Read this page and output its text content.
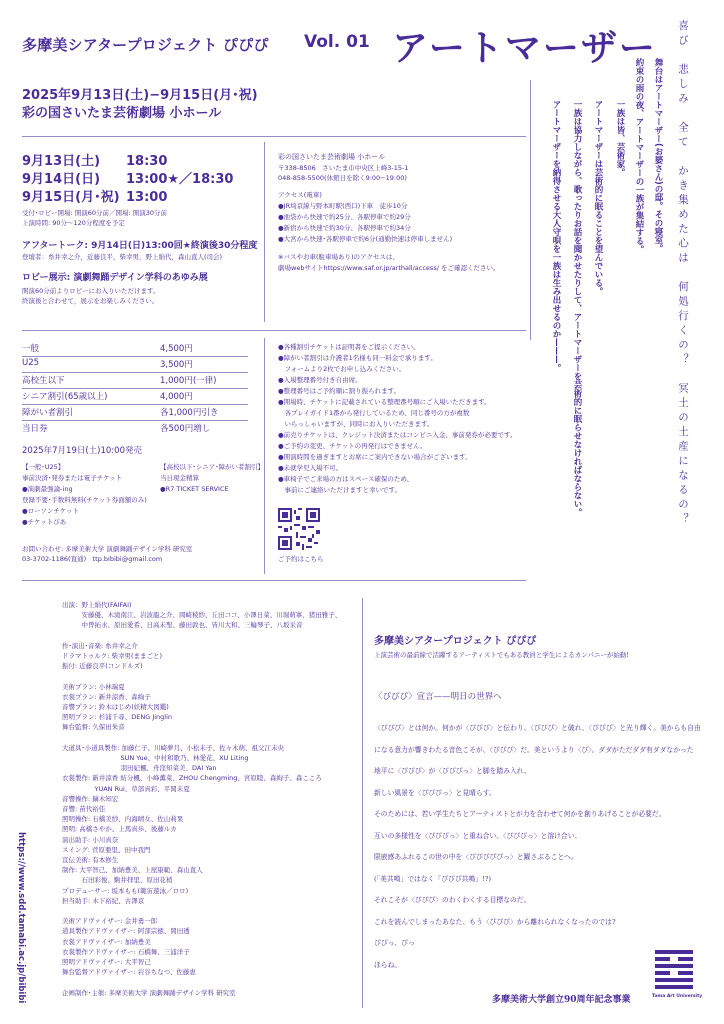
多摩美シアタープロジェクト ぴぴぴ Vol. 01 アートマーザー
2025年9月13日(土)−9月15日(月･祝)
彩の国さいたま芸術劇場 小ホール
9月13日(土) 18:30
9月14日(日) 13:00★／18:30
9月15日(月･祝) 13:00
受付･ロビー開場: 開演60分前／開場: 開演30分前
上演時間: 90分〜120分程度を予定
アフタートーク: 9月14日(日)13:00回★終演後30分程度
登壇者：糸井幸之介，近藤良平，柴幸男，野上絹代，森山直人(司会)
ロビー展示: 演劇舞踊デザイン学科のあゆみ展
開演60分前よりロビーにお入りいただけます。
終演後と合わせて，展示をお楽しみください。
彩の国さいたま芸術劇場 小ホール
〒338-8506　さいたま市中央区上峰3-15-1
048-858-5500(休館日を除く9:00−19:00)
アクセス(電車)
●JR埼京線与野本町駅(西口)下車　徒歩10分
●池袋から快速で約25分、各駅停車で約29分
●新宿から快速で約30分、各駅停車で約34分
●大宮から快速･各駅停車で約6分(通勤快速は停車しません)
※バスやお車(駐車場あり)のアクセスは、
劇場webサイトhttps://www.saf.or.jp/arthall/access/ をご確認ください。
一般	4,500円
U25	3,500円
高校生以下	1,000円(一律)
シニア割引(65歳以上)	4,000円
障がい者割引	各1,000円引き
当日券	各500円増し
2025年7月19日(土)10:00発売
【一般･U25】
事前決済･発券または電子チケット
●演劇最強論-ing
登録不要･手数料無料(チケット券面額のみ)
●ローソンチケット
●チケットぴあ
【高校以下･シニア･障がい者割引】
当日現金精算
●R7 TICKET SERVICE
お問い合わせ: 多摩美術大学 演劇舞踊デザイン学科 研究室
03-3702-1186(直通)　ttp.bibibi@gmail.com
●各種割引チケットは証明書をご提示ください。
●障がい者割引は介護者1名様も同一料金で承ります。
　フォームより2枚でお申し込みください。
●入場整理番号付き自由席。
●整理番号はご予約順に割り振られます。
●開場時、チケットに記載されている整理番号順にご入場いただきます。
　各プレイガイド1番から発行しているため、同じ番号の方が複数
　いらっしゃいますが、同時にお入りいただきます。
●前売りチケットは、クレジット決済またはコンビニ入金、事前発券が必要です。
●ご予約の変更、チケットの再発行はできません。
●開演時間を過ぎますとお席にご案内できない場合がございます。
●未就学児入場不可。
●車椅子でご来場の方はスペース確保のため、
　事前にご連絡いただけますと幸いです。
ご予約はこちら
出演：野上絹代(FAIFAI)
　　　安藤優、木滝南江、岩波龍之介、岡崎稜紗、丘田ココ、小澤日菜、川堀萌寧、猪田雅子、
　　　中曽拓水、原田愛希、日高未聖、藤田敦也、皆川大和、三輪琴子、八坂采音
作･演出･音楽: 糸井幸之介
ドラマトゥルク: 柴幸男(ままごと)
振付: 近藤良平(コンドルズ)
美術プラン: 小林瑞夏
衣裳プラン: 新井涼香、森絢子
音響プラン: 鈴木はじめ(妖精大図鑑)
照明プラン: 杉浦千尋、DENG Jinglin
舞台監督: 久保田朱音
大道具･小道具製作: 加藤仁子、川崎夢月、小松未子、佐々木萌、祖父江未央
　　　　　　　　　SUN Yue、中村和歌乃、林愛花、XU Liting
　　　　　　　　　羽田妃楓、舟窪知菜美、DAI Yan
衣裳製作: 新井涼香 紡分楓、小峰薫菜、ZHOU Chengming、宮原睦、森絢子、森こころ
　　　　　YUAN Rui、草部真彩、平岡未夏
音響操作: 鏑木知宏
音響: 苗代裕佳
照明操作: 石橋美紗、内海晴女、佐山莉果
照明: 高橋さやか、上馬真歩、後藤ルカ
演出助手: 小川真奈
スイング: 菅原亜里、田中我門
宣伝美術: 有本修生
制作: 大平智己、加納豊美、上屋康範、森山直人
　　　石田彩俊、駒井拝里、原田花梢
プロデューサー: 坂本もも(範宙遊泳／ロロ)
担当助手: 木下裕紀、古澤京
美術アドヴァイザー: 金井勇一郎
道具製作アドヴァイザー: 阿部宗徳、岡田透
衣裳アドヴァイザー: 加納豊美
衣裳製作アドヴァイザー: 石橋舞、三浦洋子
照明アドヴァイザー: 大平智己
舞台監督アドヴァイザー: 岩谷ちなつ、佐藤恵
企画制作･主催: 多摩美術大学 演劇舞踊デザイン学科 研究室
多摩美シアタープロジェクト ぴぴぴ
上演芸術の最前線で活躍するアーティストでもある教員と学生によるカンパニーが始動!
〈ぴぴぴ〉宣言——明日の世界へ
〈ぴぴぴ〉とは何か。何かが〈ぴぴぴ〉と伝わり、〈ぴぴぴ〉と破れ、〈ぴぴぴ〉と光り輝く。美からも自由
になる意力が響きわたる音色こそが、〈ぴぴぴ〉だ。美というより〈ぴ〉。ダダがただダダ有ダダなかった
地平に〈ぴぴぴ〉が〈ぴぴぴっ〉と脚を踏み入れ、
新しい風景を〈ぴぴぴっ〉と見晴らす。
そのためには、若い学生たちとアーティストとが力を合わせて何かを創りあげることが必要だ。
互いの多様性を〈ぴぴぴっ〉と重ね合い、〈ぴぴぴっ〉と溶け合い、
限嵌感あふれるこの世の中を〈ぴぴぴぴぴっ〉と躍さぶることへ。
(「美共鳴」ではなく「ぴぴぴ共鳴」!?)
それこそが〈ぴぴぴ〉のわくわくする目標なのだ。
これを読んでしまったあなた、もう〈ぴぴぴ〉から離れられなくなったのでは?
ぴぴっ、ぴっ
ほらね。
多摩美術大学創立90周年記念事業	Tama Art University
https://www.sdd.tamabi.ac.jp/bibibi
喜び　悲しみ　全て　かき集めた心は　何処行くの？　冥土の土産になるの？
舞台はアートマーザー(お婆さん)の邸。その寝室。
約束の雨の夜、アートマーザーの一族が集結する。
一族は皆、芸術家。
アートマーザーは芸術的に眠ることを望んでいる。
一族は協力しながら、歌ったりお話を聞かせたりして、アートマーザーを芸術的に眠らせなければならない。
アートマーザーを納得させる大人守唄を一族は生み出せるのか———。
